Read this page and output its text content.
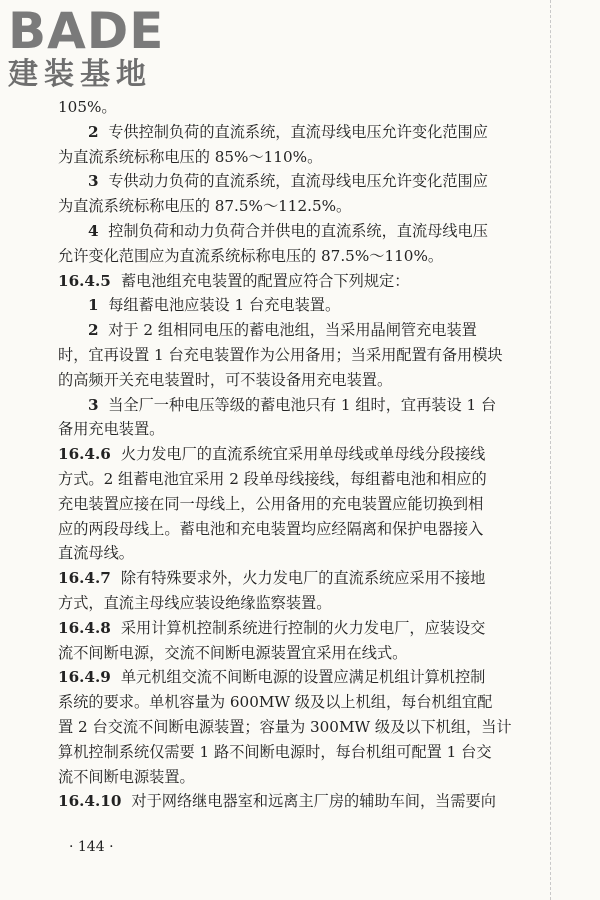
BADE
建装基地

105%。

2 专供控制负荷的直流系统，直流母线电压允许变化范围应

为直流系统标称电压的 85%～110%。

3 专供动力负荷的直流系统，直流母线电压允许变化范围应

为直流系统标称电压的 87.5%～112.5%。

4 控制负荷和动力负荷合并供电的直流系统，直流母线电压

允许变化范围应为直流系统标称电压的 87.5%～110%。

16.4.5 蓄电池组充电装置的配置应符合下列规定：

1 每组蓄电池应装设 1 台充电装置。

2 对于 2 组相同电压的蓄电池组，当采用晶闸管充电装置

时，宜再设置 1 台充电装置作为公用备用；当采用配置有备用模块

的高频开关充电装置时，可不装设备用充电装置。

3 当全厂一种电压等级的蓄电池只有 1 组时，宜再装设 1 台

备用充电装置。

16.4.6 火力发电厂的直流系统宜采用单母线或单母线分段接线

方式。2 组蓄电池宜采用 2 段单母线接线，每组蓄电池和相应的

充电装置应接在同一母线上，公用备用的充电装置应能切换到相

应的两段母线上。蓄电池和充电装置均应经隔离和保护电器接入

直流母线。

16.4.7 除有特殊要求外，火力发电厂的直流系统应采用不接地

方式，直流主母线应装设绝缘监察装置。

16.4.8 采用计算机控制系统进行控制的火力发电厂，应装设交

流不间断电源，交流不间断电源装置宜采用在线式。

16.4.9 单元机组交流不间断电源的设置应满足机组计算机控制

系统的要求。单机容量为 600MW 级及以上机组，每台机组宜配

置 2 台交流不间断电源装置；容量为 300MW 级及以下机组，当计

算机控制系统仅需要 1 路不间断电源时，每台机组可配置 1 台交

流不间断电源装置。

16.4.10 对于网络继电器室和远离主厂房的辅助车间，当需要向

· 144 ·
